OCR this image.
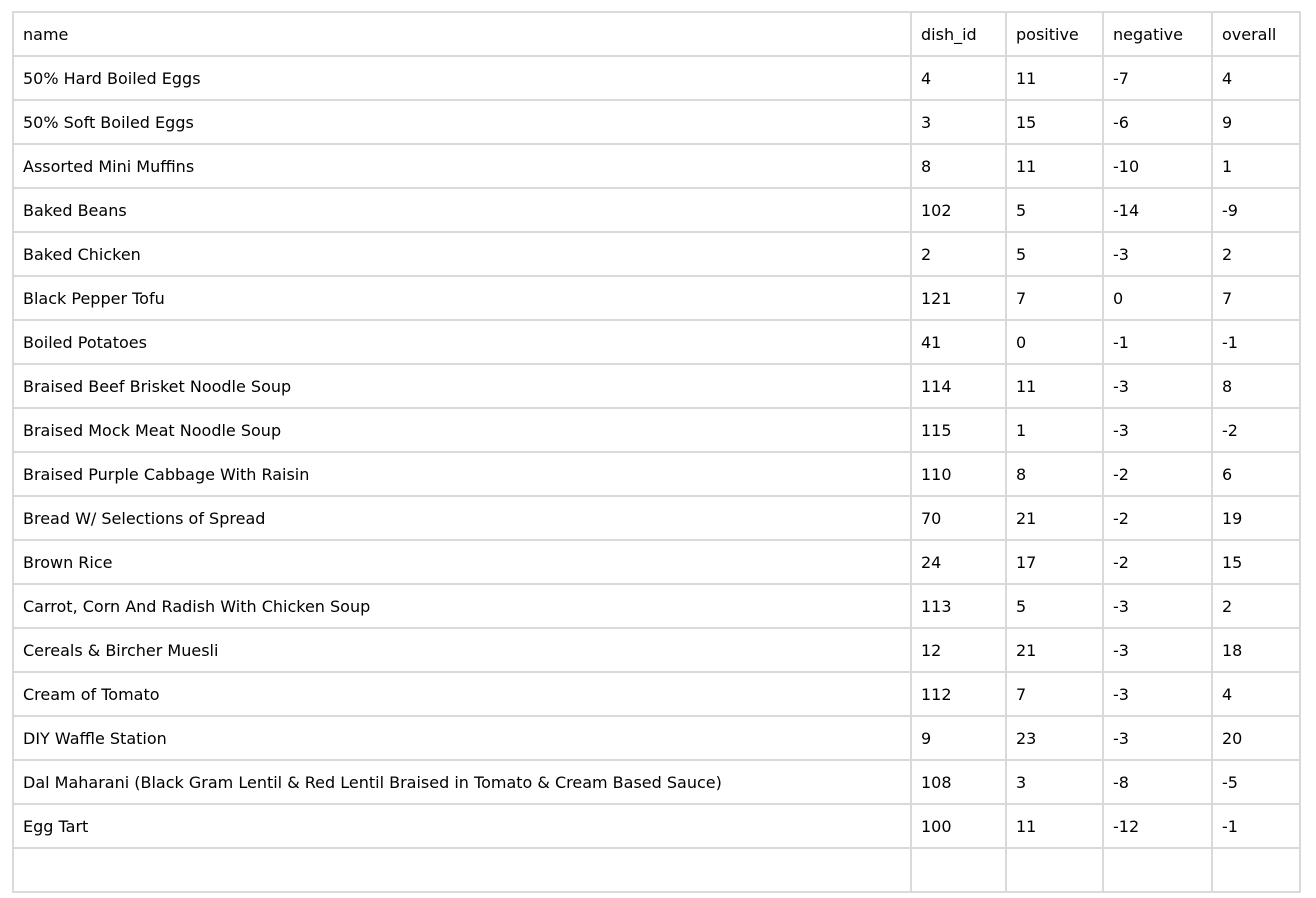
name	dish_id	positive	negative	overall
50% Hard Boiled Eggs	4	11	-7	4
50% Soft Boiled Eggs	3	15	-6	9
Assorted Mini Muffins	8	11	-10	1
Baked Beans	102	5	-14	-9
Baked Chicken	2	5	-3	2
Black Pepper Tofu	121	7	0	7
Boiled Potatoes	41	0	-1	-1
Braised Beef Brisket Noodle Soup	114	11	-3	8
Braised Mock Meat Noodle Soup	115	1	-3	-2
Braised Purple Cabbage With Raisin	110	8	-2	6
Bread W/ Selections of Spread	70	21	-2	19
Brown Rice	24	17	-2	15
Carrot, Corn And Radish With Chicken Soup	113	5	-3	2
Cereals & Bircher Muesli	12	21	-3	18
Cream of Tomato	112	7	-3	4
DIY Waffle Station	9	23	-3	20
Dal Maharani (Black Gram Lentil & Red Lentil Braised in Tomato & Cream Based Sauce)	108	3	-8	-5
Egg Tart	100	11	-12	-1
